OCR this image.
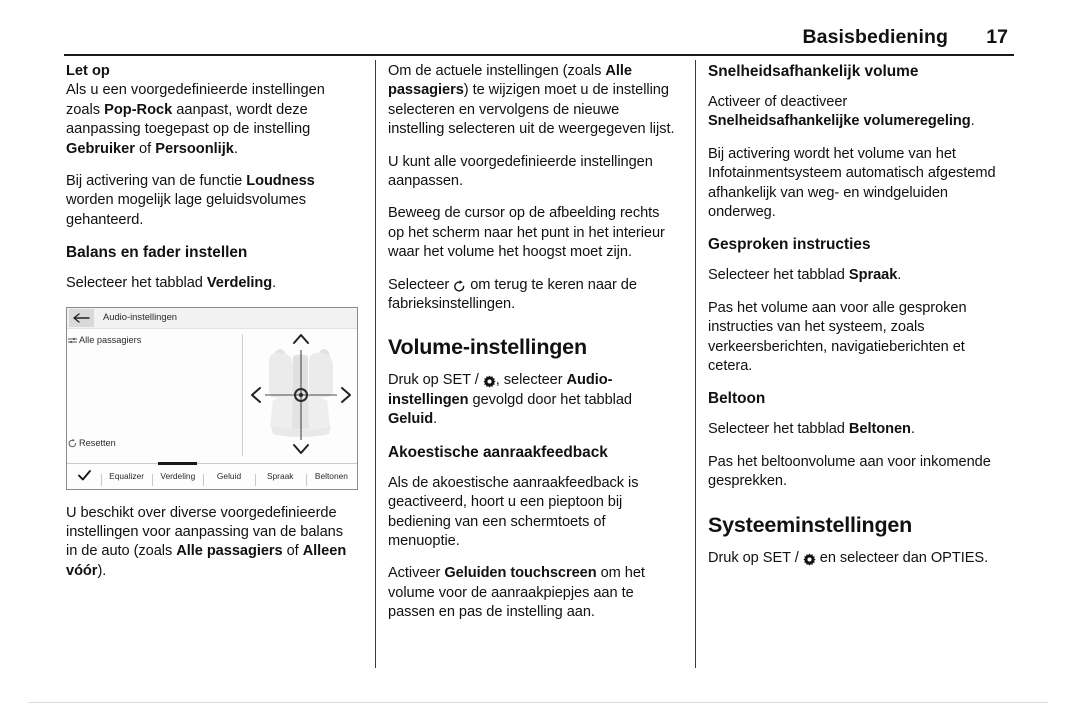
Basisbediening 17
Let op

Als u een voorgedefinieerde instellingen zoals Pop-Rock aanpast, wordt deze aanpassing toegepast op de instelling Gebruiker of Persoonlijk.

Bij activering van de functie Loudness worden mogelijk lage geluidsvolumes gehanteerd.

Balans en fader instellen

Selecteer het tabblad Verdeling.

Audio-instellingen
Alle passagiers
Resetten
Equalizer	Verdeling	Geluid	Spraak	Beltonen

U beschikt over diverse voorgedefinieerde instellingen voor aanpassing van de balans in de auto (zoals Alle passagiers of Alleen vóór).

Om de actuele instellingen (zoals Alle passagiers) te wijzigen moet u de instelling selecteren en vervolgens de nieuwe instelling selecteren uit de weergegeven lijst.

U kunt alle voorgedefinieerde instellingen aanpassen.

Beweeg de cursor op de afbeelding rechts op het scherm naar het punt in het interieur waar het volume het hoogst moet zijn.

Selecteer  om terug te keren naar de fabrieksinstellingen.

Volume-instellingen

Druk op SET / , selecteer Audio-instellingen gevolgd door het tabblad Geluid.

Akoestische aanraakfeedback

Als de akoestische aanraakfeedback is geactiveerd, hoort u een pieptoon bij bediening van een schermtoets of menuoptie.

Activeer Geluiden touchscreen om het volume voor de aanraakpiepjes aan te passen en pas de instelling aan.

Snelheidsafhankelijk volume

Activeer of deactiveer Snelheidsafhankelijke volumeregeling.

Bij activering wordt het volume van het Infotainmentsysteem automatisch afgestemd afhankelijk van weg- en windgeluiden onderweg.

Gesproken instructies

Selecteer het tabblad Spraak.

Pas het volume aan voor alle gesproken instructies van het systeem, zoals verkeersberichten, navigatieberichten et cetera.

Beltoon

Selecteer het tabblad Beltonen.

Pas het beltoonvolume aan voor inkomende gesprekken.

Systeeminstellingen

Druk op SET /  en selecteer dan OPTIES.
